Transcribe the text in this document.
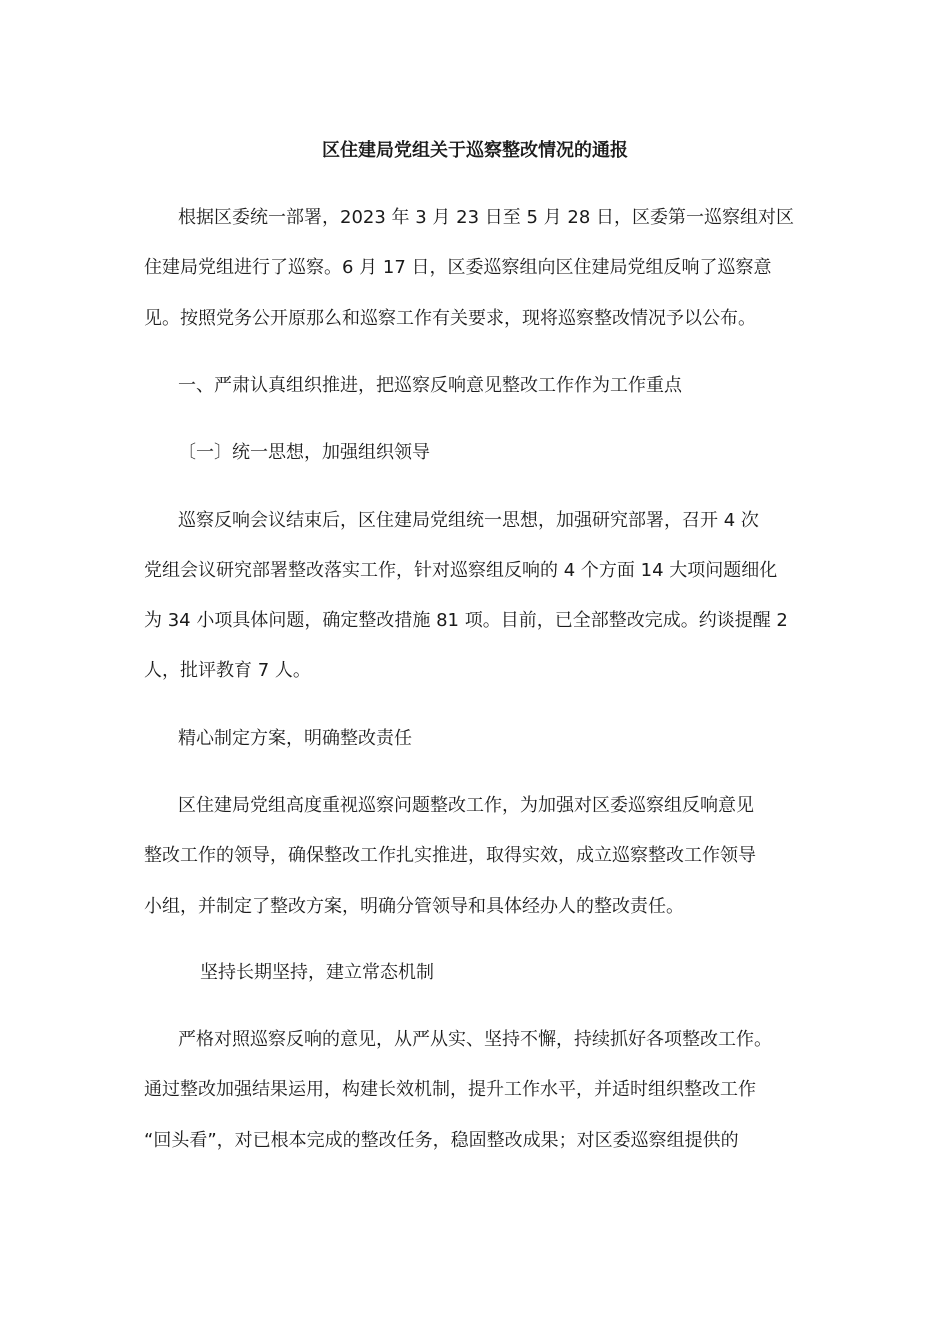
区住建局党组关于巡察整改情况的通报
根据区委统一部署，2023 年 3 月 23 日至 5 月 28 日，区委第一巡察组对区
住建局党组进行了巡察。6 月 17 日，区委巡察组向区住建局党组反响了巡察意
见。按照党务公开原那么和巡察工作有关要求，现将巡察整改情况予以公布。
一、严肃认真组织推进，把巡察反响意见整改工作作为工作重点
〔一〕统一思想，加强组织领导
巡察反响会议结束后，区住建局党组统一思想，加强研究部署，召开 4 次
党组会议研究部署整改落实工作，针对巡察组反响的 4 个方面 14 大项问题细化
为 34 小项具体问题，确定整改措施 81 项。目前，已全部整改完成。约谈提醒 2
人，批评教育 7 人。
精心制定方案，明确整改责任
区住建局党组高度重视巡察问题整改工作，为加强对区委巡察组反响意见
整改工作的领导，确保整改工作扎实推进，取得实效，成立巡察整改工作领导
小组，并制定了整改方案，明确分管领导和具体经办人的整改责任。
坚持长期坚持，建立常态机制
严格对照巡察反响的意见，从严从实、坚持不懈，持续抓好各项整改工作。
通过整改加强结果运用，构建长效机制，提升工作水平，并适时组织整改工作
“回头看”，对已根本完成的整改任务，稳固整改成果；对区委巡察组提供的
